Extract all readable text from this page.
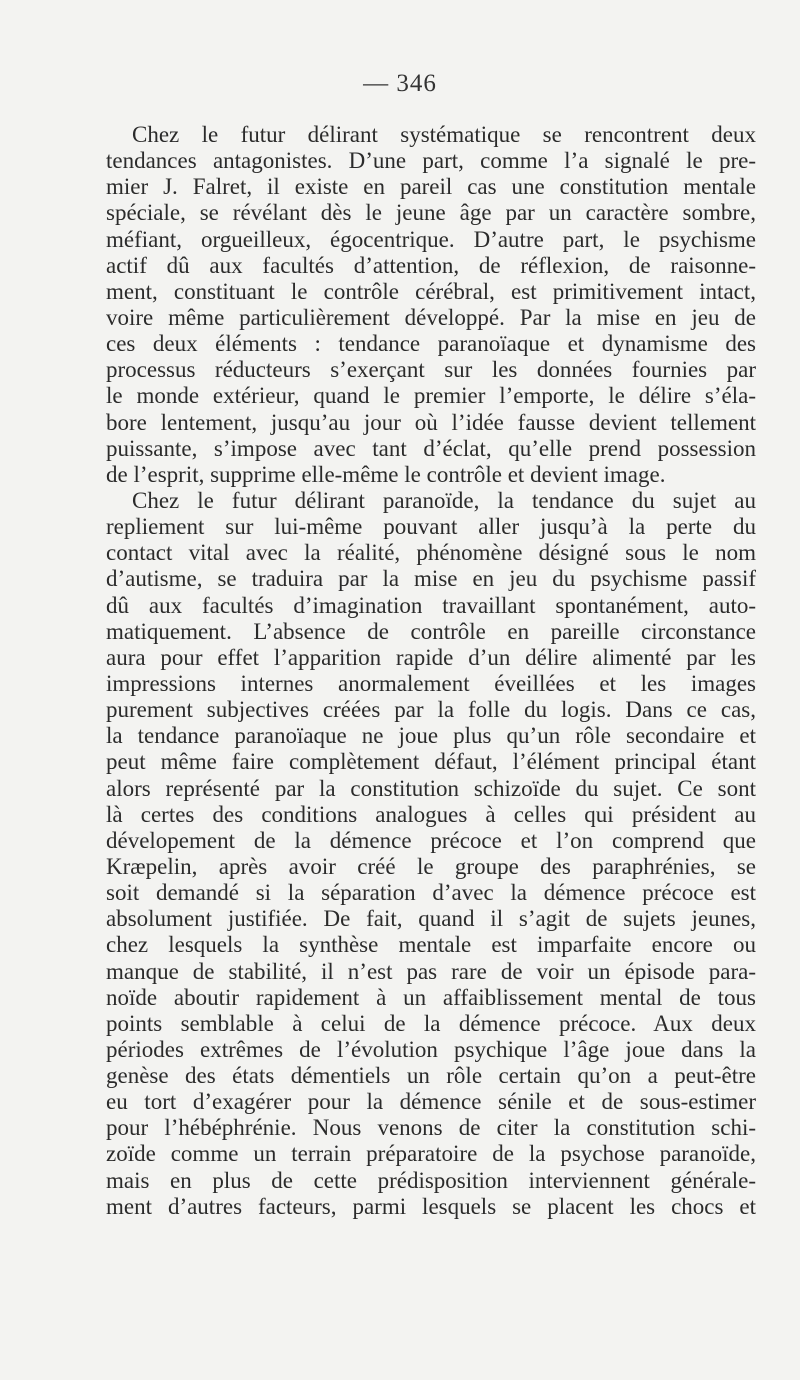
— 346
Chez le futur délirant systématique se rencontrent deux
tendances antagonistes. D’une part, comme l’a signalé le pre-
mier J. Falret, il existe en pareil cas une constitution mentale
spéciale, se révélant dès le jeune âge par un caractère sombre,
méfiant, orgueilleux, égocentrique. D’autre part, le psychisme
actif dû aux facultés d’attention, de réflexion, de raisonne-
ment, constituant le contrôle cérébral, est primitivement intact,
voire même particulièrement développé. Par la mise en jeu de
ces deux éléments : tendance paranoïaque et dynamisme des
processus réducteurs s’exerçant sur les données fournies par
le monde extérieur, quand le premier l’emporte, le délire s’éla-
bore lentement, jusqu’au jour où l’idée fausse devient tellement
puissante, s’impose avec tant d’éclat, qu’elle prend possession
de l’esprit, supprime elle-même le contrôle et devient image.
Chez le futur délirant paranoïde, la tendance du sujet au
repliement sur lui-même pouvant aller jusqu’à la perte du
contact vital avec la réalité, phénomène désigné sous le nom
d’autisme, se traduira par la mise en jeu du psychisme passif
dû aux facultés d’imagination travaillant spontanément, auto-
matiquement. L’absence de contrôle en pareille circonstance
aura pour effet l’apparition rapide d’un délire alimenté par les
impressions internes anormalement éveillées et les images
purement subjectives créées par la folle du logis. Dans ce cas,
la tendance paranoïaque ne joue plus qu’un rôle secondaire et
peut même faire complètement défaut, l’élément principal étant
alors représenté par la constitution schizoïde du sujet. Ce sont
là certes des conditions analogues à celles qui président au
dévelopement de la démence précoce et l’on comprend que
Kræpelin, après avoir créé le groupe des paraphrénies, se
soit demandé si la séparation d’avec la démence précoce est
absolument justifiée. De fait, quand il s’agit de sujets jeunes,
chez lesquels la synthèse mentale est imparfaite encore ou
manque de stabilité, il n’est pas rare de voir un épisode para-
noïde aboutir rapidement à un affaiblissement mental de tous
points semblable à celui de la démence précoce. Aux deux
périodes extrêmes de l’évolution psychique l’âge joue dans la
genèse des états démentiels un rôle certain qu’on a peut-être
eu tort d’exagérer pour la démence sénile et de sous-estimer
pour l’hébéphrénie. Nous venons de citer la constitution schi-
zoïde comme un terrain préparatoire de la psychose paranoïde,
mais en plus de cette prédisposition interviennent générale-
ment d’autres facteurs, parmi lesquels se placent les chocs et
